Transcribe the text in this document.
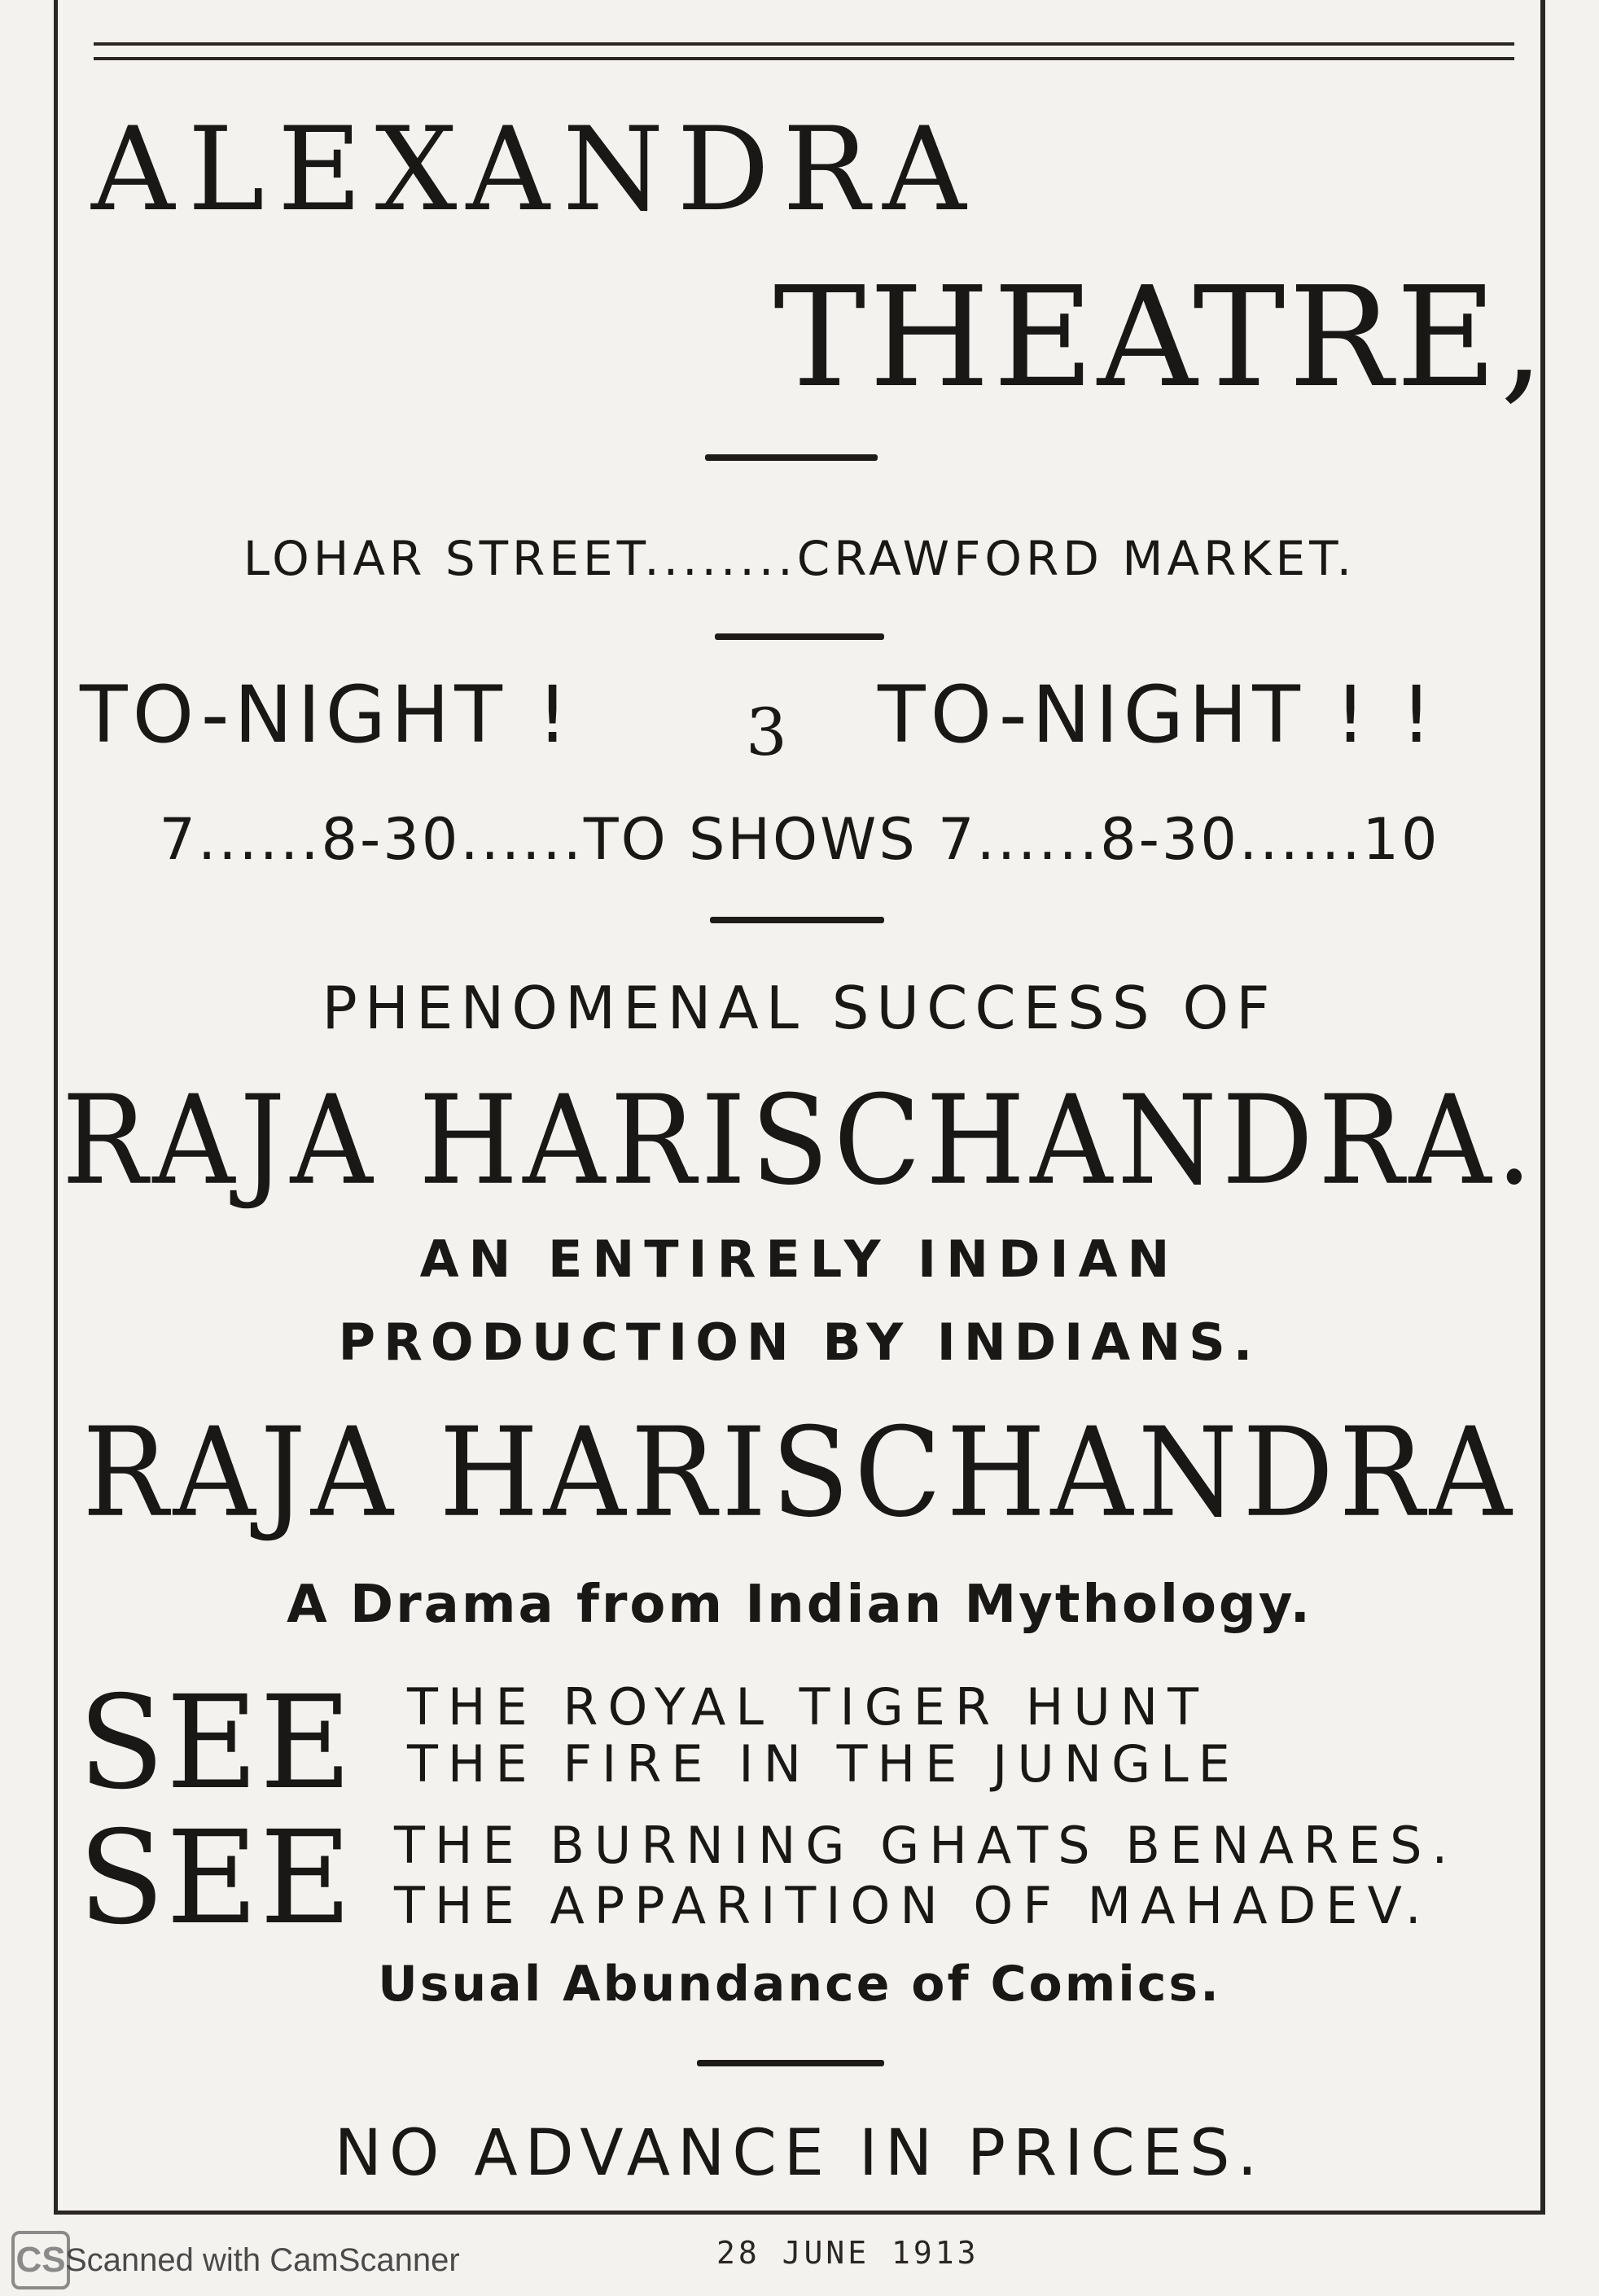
ALEXANDRA
THEATRE,
LOHAR STREET........CRAWFORD MARKET.
TO-NIGHT !	3 TO-NIGHT ! !
7......8-30......TO SHOWS 7......8-30......10
PHENOMENAL SUCCESS OF
RAJA HARISCHANDRA.
AN ENTIRELY INDIAN
PRODUCTION BY INDIANS.
RAJA HARISCHANDRA
A Drama from Indian Mythology.
SEE THE ROYAL TIGER HUNT
THE FIRE IN THE JUNGLE
SEE THE BURNING GHATS BENARES.
THE APPARITION OF MAHADEV.
Usual Abundance of Comics.
NO ADVANCE IN PRICES.
CS Scanned with CamScanner	28 JUNE 1913
